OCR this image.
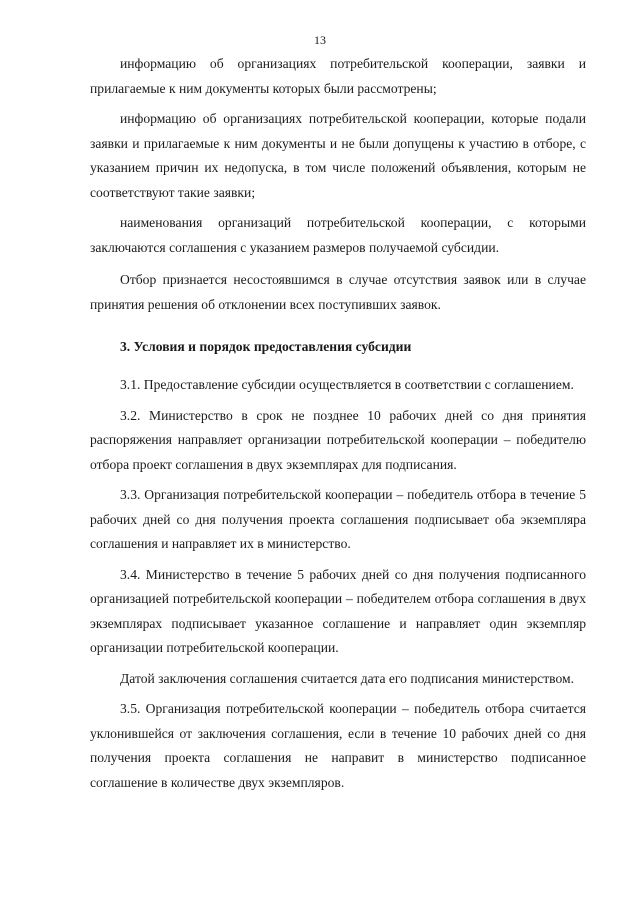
13

информацию об организациях потребительской кооперации, заявки и прилагаемые к ним документы которых были рассмотрены;

информацию об организациях потребительской кооперации, которые подали заявки и прилагаемые к ним документы и не были допущены к участию в отборе, с указанием причин их недопуска, в том числе положений объявления, которым не соответствуют такие заявки;

наименования организаций потребительской кооперации, с которыми заключаются соглашения с указанием размеров получаемой субсидии.

Отбор признается несостоявшимся в случае отсутствия заявок или в случае принятия решения об отклонении всех поступивших заявок.

3. Условия и порядок предоставления субсидии

3.1. Предоставление субсидии осуществляется в соответствии с соглашением.

3.2. Министерство в срок не позднее 10 рабочих дней со дня принятия распоряжения направляет организации потребительской кооперации – победителю отбора проект соглашения в двух экземплярах для подписания.

3.3. Организация потребительской кооперации – победитель отбора в течение 5 рабочих дней со дня получения проекта соглашения подписывает оба экземпляра соглашения и направляет их в министерство.

3.4. Министерство в течение 5 рабочих дней со дня получения подписанного организацией потребительской кооперации – победителем отбора соглашения в двух экземплярах подписывает указанное соглашение и направляет один экземпляр организации потребительской кооперации.

Датой заключения соглашения считается дата его подписания министерством.

3.5. Организация потребительской кооперации – победитель отбора считается уклонившейся от заключения соглашения, если в течение 10 рабочих дней со дня получения проекта соглашения не направит в министерство подписанное соглашение в количестве двух экземпляров.
